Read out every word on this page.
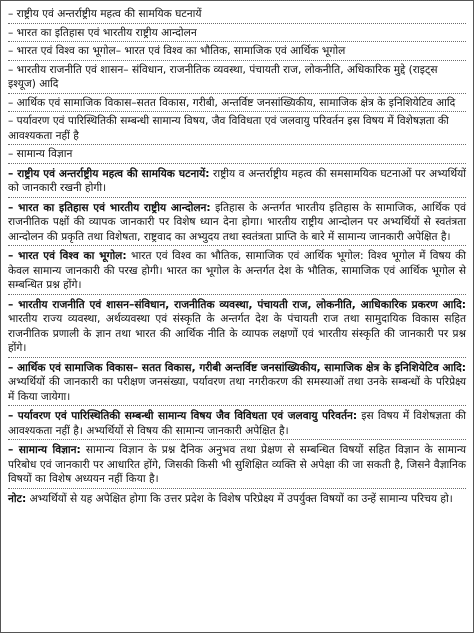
– राष्ट्रीय एवं अन्तर्राष्ट्रीय महत्व की सामयिक घटनायें

– भारत का इतिहास एवं भारतीय राष्ट्रीय आन्दोलन

– भारत एवं विश्व का भूगोल– भारत एवं विश्व का भौतिक, सामाजिक एवं आर्थिक भूगोल

– भारतीय राजनीति एवं शासन– संविधान, राजनीतिक व्यवस्था, पंचायती राज, लोकनीति, अधिकारिक मुद्दे (राइट्स इश्यूज) आदि

– आर्थिक एवं सामाजिक विकास–सतत विकास, गरीबी, अन्तर्विष्ट जनसांख्यिकीय, सामाजिक क्षेत्र के इनिशियेटिव आदि

– पर्यावरण एवं पारिस्थितिकी सम्बन्धी सामान्य विषय, जैव विविधता एवं जलवायु परिवर्तन इस विषय में विशेषज्ञता की आवश्यकता नहीं है

– सामान्य विज्ञान

– राष्ट्रीय एवं अन्तर्राष्ट्रीय महत्व की सामयिक घटनायें: राष्ट्रीय व अन्तर्राष्ट्रीय महत्व की समसामयिक घटनाओं पर अभ्यर्थियों को जानकारी रखनी होगी।

– भारत का इतिहास एवं भारतीय राष्ट्रीय आन्दोलन: इतिहास के अन्तर्गत भारतीय इतिहास के सामाजिक, आर्थिक एवं राजनीतिक पक्षों की व्यापक जानकारी पर विशेष ध्यान देना होगा। भारतीय राष्ट्रीय आन्दोलन पर अभ्यर्थियों से स्वतंत्रता आन्दोलन की प्रकृति तथा विशेषता, राष्ट्रवाद का अभ्युदय तथा स्वतंत्रता प्राप्ति के बारे में सामान्य जानकारी अपेक्षित है।

– भारत एवं विश्व का भूगोल: भारत एवं विश्व का भौतिक, सामाजिक एवं आर्थिक भूगोल: विश्व भूगोल में विषय की केवल सामान्य जानकारी की परख होगी। भारत का भूगोल के अन्तर्गत देश के भौतिक, सामाजिक एवं आर्थिक भूगोल से सम्बन्धित प्रश्न होंगे।

– भारतीय राजनीति एवं शासन–संविधान, राजनीतिक व्यवस्था, पंचायती राज, लोकनीति, आधिकारिक प्रकरण आदि: भारतीय राज्य व्यवस्था, अर्थव्यवस्था एवं संस्कृति के अन्तर्गत देश के पंचायती राज तथा सामुदायिक विकास सहित राजनीतिक प्रणाली के ज्ञान तथा भारत की आर्थिक नीति के व्यापक लक्षणों एवं भारतीय संस्कृति की जानकारी पर प्रश्न होंगे।

– आर्थिक एवं सामाजिक विकास– सतत विकास, गरीबी अन्तर्विष्ट जनसांख्यिकीय, सामाजिक क्षेत्र के इनिशियेटिव आदि: अभ्यर्थियों की जानकारी का परीक्षण जनसंख्या, पर्यावरण तथा नगरीकरण की समस्याओं तथा उनके सम्बन्धों के परिप्रेक्ष्य में किया जायेगा।

– पर्यावरण एवं पारिस्थितिकी सम्बन्धी सामान्य विषय जैव विविधता एवं जलवायु परिवर्तन: इस विषय में विशेषज्ञता की आवश्यकता नहीं है। अभ्यर्थियों से विषय की सामान्य जानकारी अपेक्षित है।

– सामान्य विज्ञान: सामान्य विज्ञान के प्रश्न दैनिक अनुभव तथा प्रेक्षण से सम्बन्धित विषयों सहित विज्ञान के सामान्य परिबोध एवं जानकारी पर आधारित होंगे, जिसकी किसी भी सुशिक्षित व्यक्ति से अपेक्षा की जा सकती है, जिसने वैज्ञानिक विषयों का विशेष अध्ययन नहीं किया है।

नोट: अभ्यर्थियों से यह अपेक्षित होगा कि उत्तर प्रदेश के विशेष परिप्रेक्ष्य में उपर्युक्त विषयों का उन्हें सामान्य परिचय हो।
